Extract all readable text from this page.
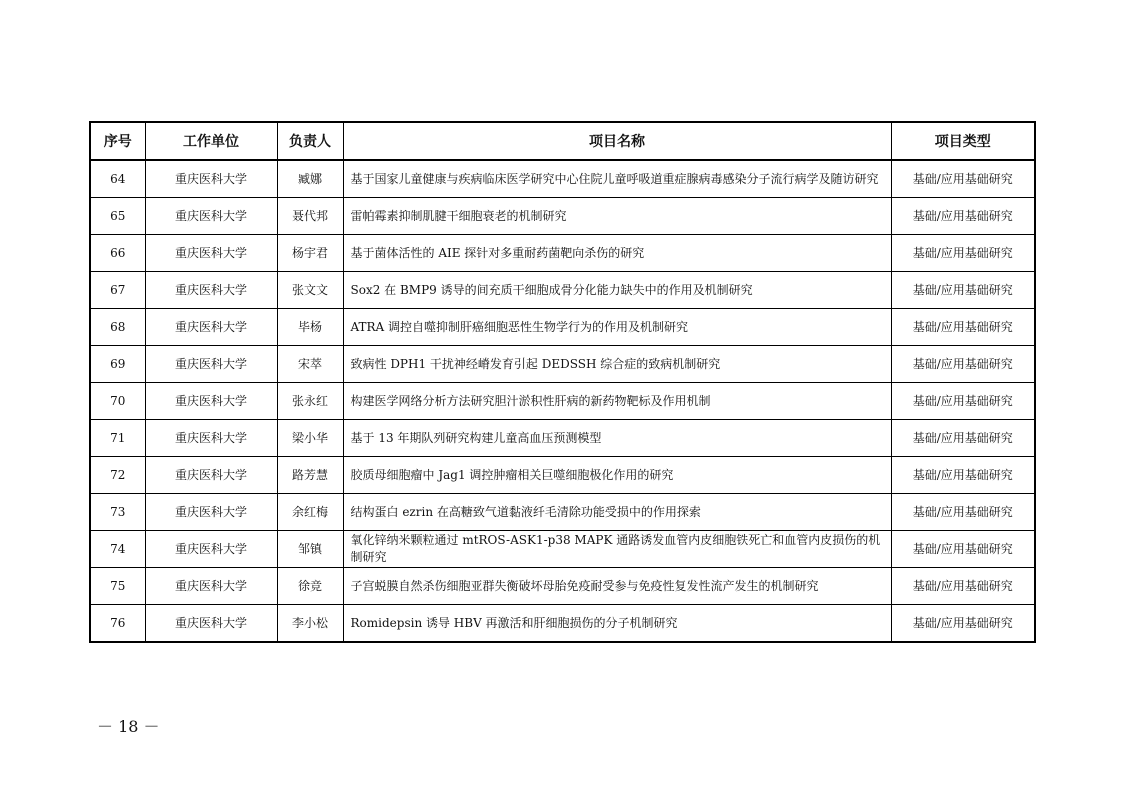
序号	工作单位	负责人	项目名称	项目类型
64	重庆医科大学	臧娜	基于国家儿童健康与疾病临床医学研究中心住院儿童呼吸道重症腺病毒感染分子流行病学及随访研究	基础/应用基础研究
65	重庆医科大学	聂代邦	雷帕霉素抑制肌腱干细胞衰老的机制研究	基础/应用基础研究
66	重庆医科大学	杨宇君	基于菌体活性的 AIE 探针对多重耐药菌靶向杀伤的研究	基础/应用基础研究
67	重庆医科大学	张文文	Sox2 在 BMP9 诱导的间充质干细胞成骨分化能力缺失中的作用及机制研究	基础/应用基础研究
68	重庆医科大学	毕杨	ATRA 调控自噬抑制肝癌细胞恶性生物学行为的作用及机制研究	基础/应用基础研究
69	重庆医科大学	宋萃	致病性 DPH1 干扰神经嵴发育引起 DEDSSH 综合症的致病机制研究	基础/应用基础研究
70	重庆医科大学	张永红	构建医学网络分析方法研究胆汁淤积性肝病的新药物靶标及作用机制	基础/应用基础研究
71	重庆医科大学	梁小华	基于 13 年期队列研究构建儿童高血压预测模型	基础/应用基础研究
72	重庆医科大学	路芳慧	胶质母细胞瘤中 Jag1 调控肿瘤相关巨噬细胞极化作用的研究	基础/应用基础研究
73	重庆医科大学	余红梅	结构蛋白 ezrin 在高糖致气道黏液纤毛清除功能受损中的作用探索	基础/应用基础研究
74	重庆医科大学	邹镇	氧化锌纳米颗粒通过 mtROS-ASK1-p38 MAPK 通路诱发血管内皮细胞铁死亡和血管内皮损伤的机制研究	基础/应用基础研究
75	重庆医科大学	徐竞	子宫蜕膜自然杀伤细胞亚群失衡破坏母胎免疫耐受参与免疫性复发性流产发生的机制研究	基础/应用基础研究
76	重庆医科大学	李小松	Romidepsin 诱导 HBV 再激活和肝细胞损伤的分子机制研究	基础/应用基础研究
－ 18 －
